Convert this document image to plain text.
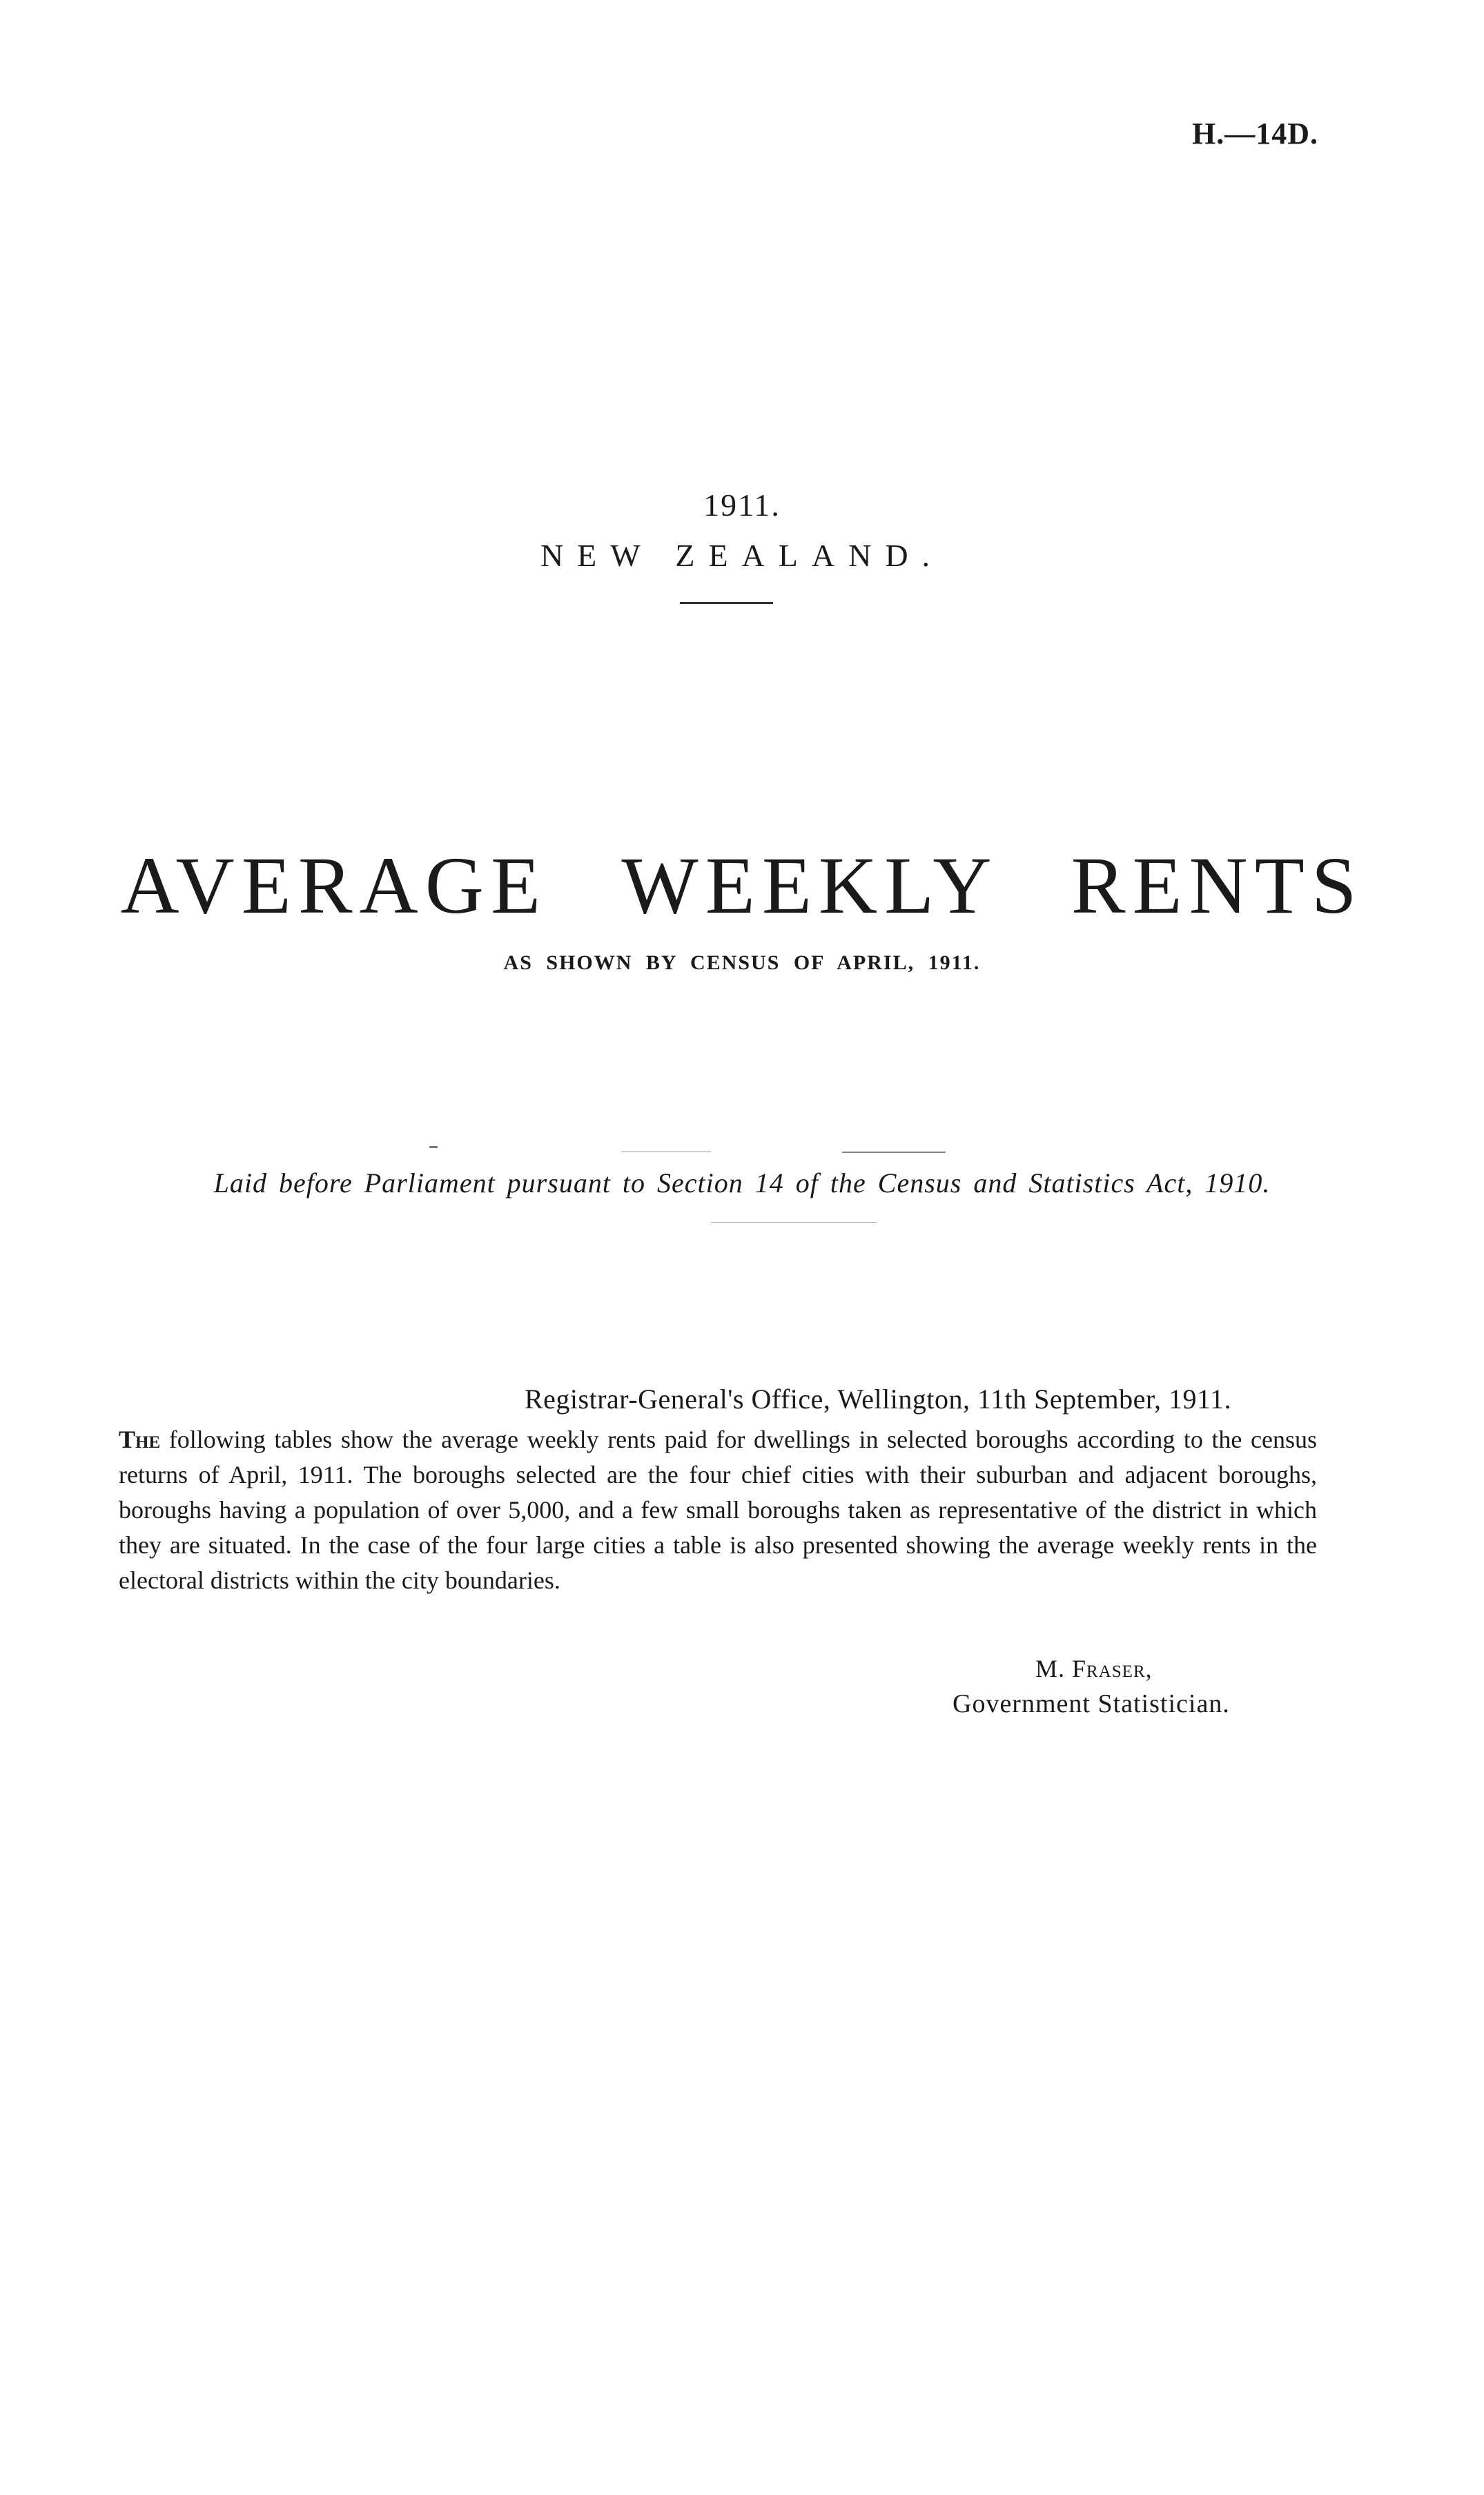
H.—14D.
1911.
NEW ZEALAND.
AVERAGE WEEKLY RENTS
AS SHOWN BY CENSUS OF APRIL, 1911.
Laid before Parliament pursuant to Section 14 of the Census and Statistics Act, 1910.
Registrar-General's Office, Wellington, 11th September, 1911.
The following tables show the average weekly rents paid for dwellings in selected boroughs according to the census returns of April, 1911. The boroughs selected are the four chief cities with their suburban and adjacent boroughs, boroughs having a population of over 5,000, and a few small boroughs taken as representative of the district in which they are situated. In the case of the four large cities a table is also presented showing the average weekly rents in the electoral districts within the city boundaries.
M. Fraser,
Government Statistician.
